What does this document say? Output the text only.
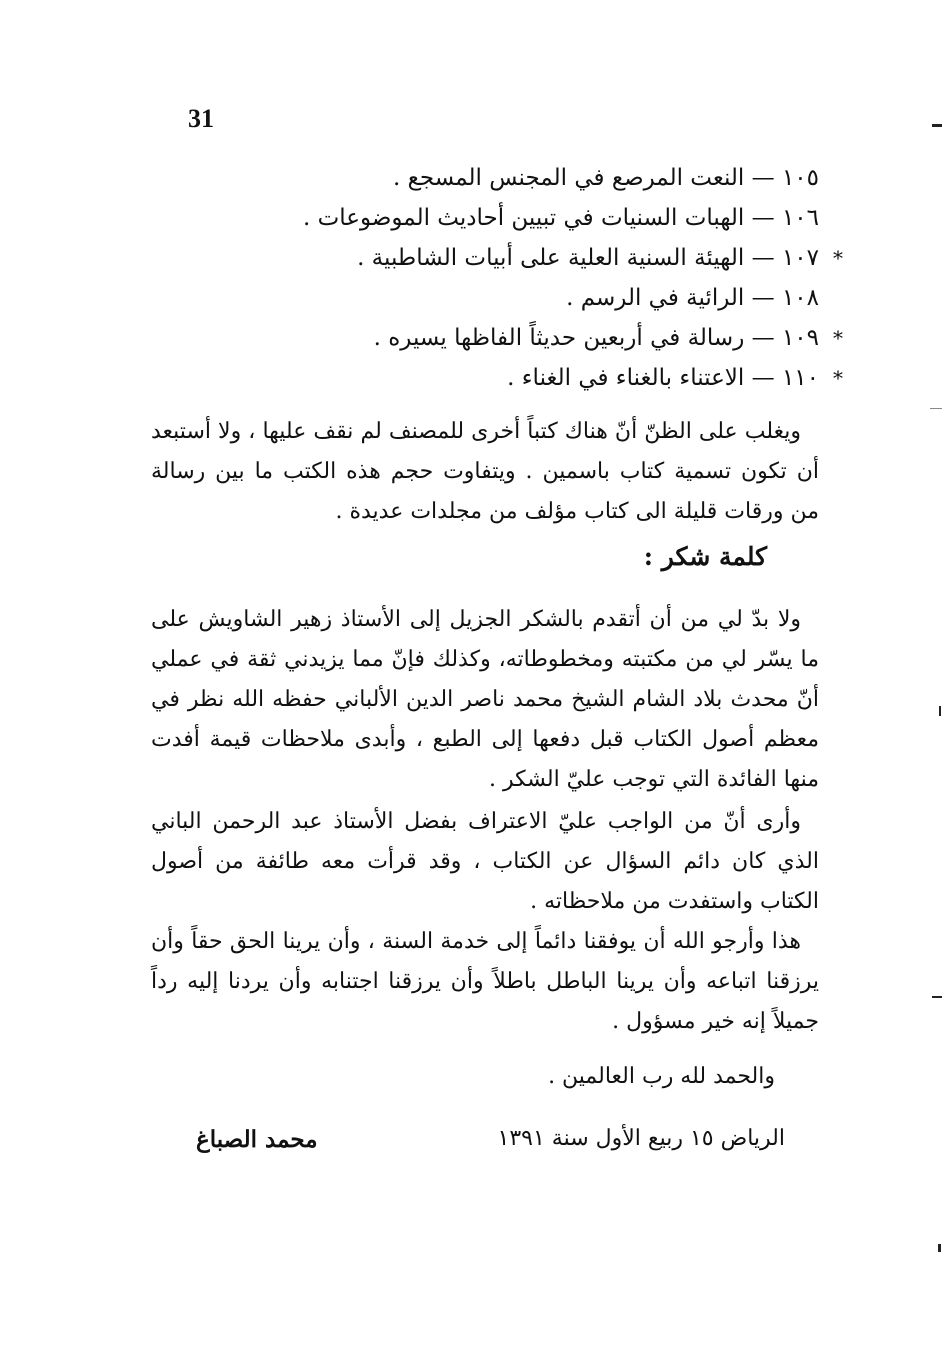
31
١٠٥ — النعت المرصع في المجنس المسجع .
١٠٦ — الهبات السنيات في تبيين أحاديث الموضوعات .
*
١٠٧ — الهيئة السنية العلية على أبيات الشاطبية .
١٠٨ — الرائية في الرسم .
*
١٠٩ — رسالة في أربعين حديثاً الفاظها يسيره .
*
١١٠ — الاعتناء بالغناء في الغناء .

ويغلب على الظنّ أنّ هناك كتباً أخرى للمصنف لم نقف عليها ، ولا أستبعد أن تكون تسمية كتاب باسمين . ويتفاوت حجم هذه الكتب ما بين رسالة من ورقات قليلة الى كتاب مؤلف من مجلدات عديدة .

كلمة شكر :

ولا بدّ لي من أن أتقدم بالشكر الجزيل إلى الأستاذ زهير الشاويش على ما يسّر لي من مكتبته ومخطوطاته، وكذلك فإنّ مما يزيدني ثقة في عملي أنّ محدث بلاد الشام الشيخ محمد ناصر الدين الألباني حفظه الله نظر في معظم أصول الكتاب قبل دفعها إلى الطبع ، وأبدى ملاحظات قيمة أفدت منها الفائدة التي توجب عليّ الشكر .

وأرى أنّ من الواجب عليّ الاعتراف بفضل الأستاذ عبد الرحمن الباني الذي كان دائم السؤال عن الكتاب ، وقد قرأت معه طائفة من أصول الكتاب واستفدت من ملاحظاته .

هذا وأرجو الله أن يوفقنا دائماً إلى خدمة السنة ، وأن يرينا الحق حقاً وأن يرزقنا اتباعه وأن يرينا الباطل باطلاً وأن يرزقنا اجتنابه وأن يردنا إليه رداً جميلاً إنه خير مسؤول .

والحمد لله رب العالمين .
الرياض ١٥ ربيع الأول سنة ١٣٩١
محمد الصباغ
